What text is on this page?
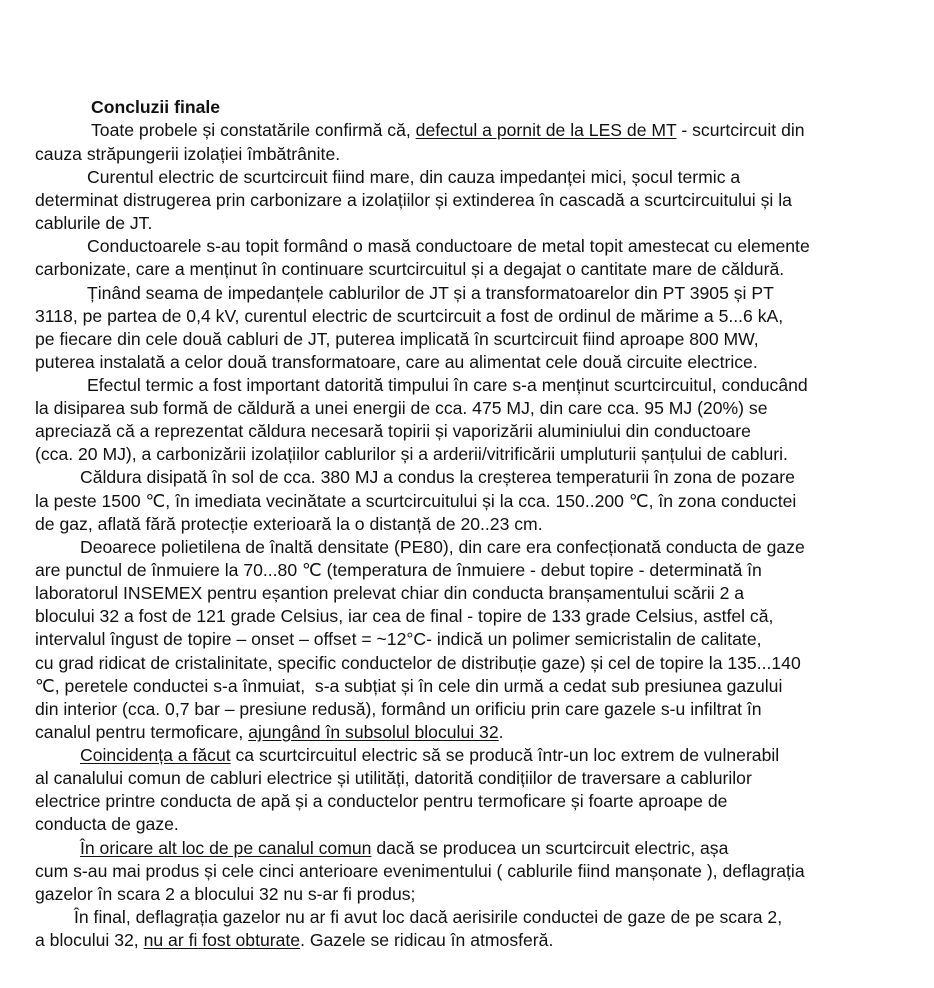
Concluzii finale
Toate probele și constatările confirmă că, defectul a pornit de la LES de MT - scurtcircuit din
cauza străpungerii izolației îmbătrânite.
Curentul electric de scurtcircuit fiind mare, din cauza impedanței mici, șocul termic a
determinat distrugerea prin carbonizare a izolațiilor și extinderea în cascadă a scurtcircuitului și la
cablurile de JT.
Conductoarele s-au topit formând o masă conductoare de metal topit amestecat cu elemente
carbonizate, care a menținut în continuare scurtcircuitul și a degajat o cantitate mare de căldură.
Ținând seama de impedanțele cablurilor de JT și a transformatoarelor din PT 3905 și PT
3118, pe partea de 0,4 kV, curentul electric de scurtcircuit a fost de ordinul de mărime a 5...6 kA,
pe fiecare din cele două cabluri de JT, puterea implicată în scurtcircuit fiind aproape 800 MW,
puterea instalată a celor două transformatoare, care au alimentat cele două circuite electrice.
Efectul termic a fost important datorită timpului în care s-a menținut scurtcircuitul, conducând
la disiparea sub formă de căldură a unei energii de cca. 475 MJ, din care cca. 95 MJ (20%) se
apreciază că a reprezentat căldura necesară topirii și vaporizării aluminiului din conductoare
(cca. 20 MJ), a carbonizării izolațiilor cablurilor și a arderii/vitrificării umpluturii șanțului de cabluri.
Căldura disipată în sol de cca. 380 MJ a condus la creșterea temperaturii în zona de pozare
la peste 1500 ℃, în imediata vecinătate a scurtcircuitului și la cca. 150..200 ℃, în zona conductei
de gaz, aflată fără protecție exterioară la o distanță de 20..23 cm.
Deoarece polietilena de înaltă densitate (PE80), din care era confecționată conducta de gaze
are punctul de înmuiere la 70...80 ℃ (temperatura de înmuiere - debut topire - determinată în
laboratorul INSEMEX pentru eșantion prelevat chiar din conducta branșamentului scării 2 a
blocului 32 a fost de 121 grade Celsius, iar cea de final - topire de 133 grade Celsius, astfel că,
intervalul îngust de topire – onset – offset = ~12°C- indică un polimer semicristalin de calitate,
cu grad ridicat de cristalinitate, specific conductelor de distribuție gaze) și cel de topire la 135...140
℃, peretele conductei s-a înmuiat,  s-a subțiat și în cele din urmă a cedat sub presiunea gazului
din interior (cca. 0,7 bar – presiune redusă), formând un orificiu prin care gazele s-u infiltrat în
canalul pentru termoficare, ajungând în subsolul blocului 32.
Coincidența a făcut ca scurtcircuitul electric să se producă într-un loc extrem de vulnerabil
al canalului comun de cabluri electrice și utilități, datorită condițiilor de traversare a cablurilor
electrice printre conducta de apă și a conductelor pentru termoficare și foarte aproape de
conducta de gaze.
În oricare alt loc de pe canalul comun dacă se producea un scurtcircuit electric, așa
cum s-au mai produs și cele cinci anterioare evenimentului ( cablurile fiind manșonate ), deflagrația
gazelor în scara 2 a blocului 32 nu s-ar fi produs;
În final, deflagrația gazelor nu ar fi avut loc dacă aerisirile conductei de gaze de pe scara 2,
a blocului 32, nu ar fi fost obturate. Gazele se ridicau în atmosferă.
